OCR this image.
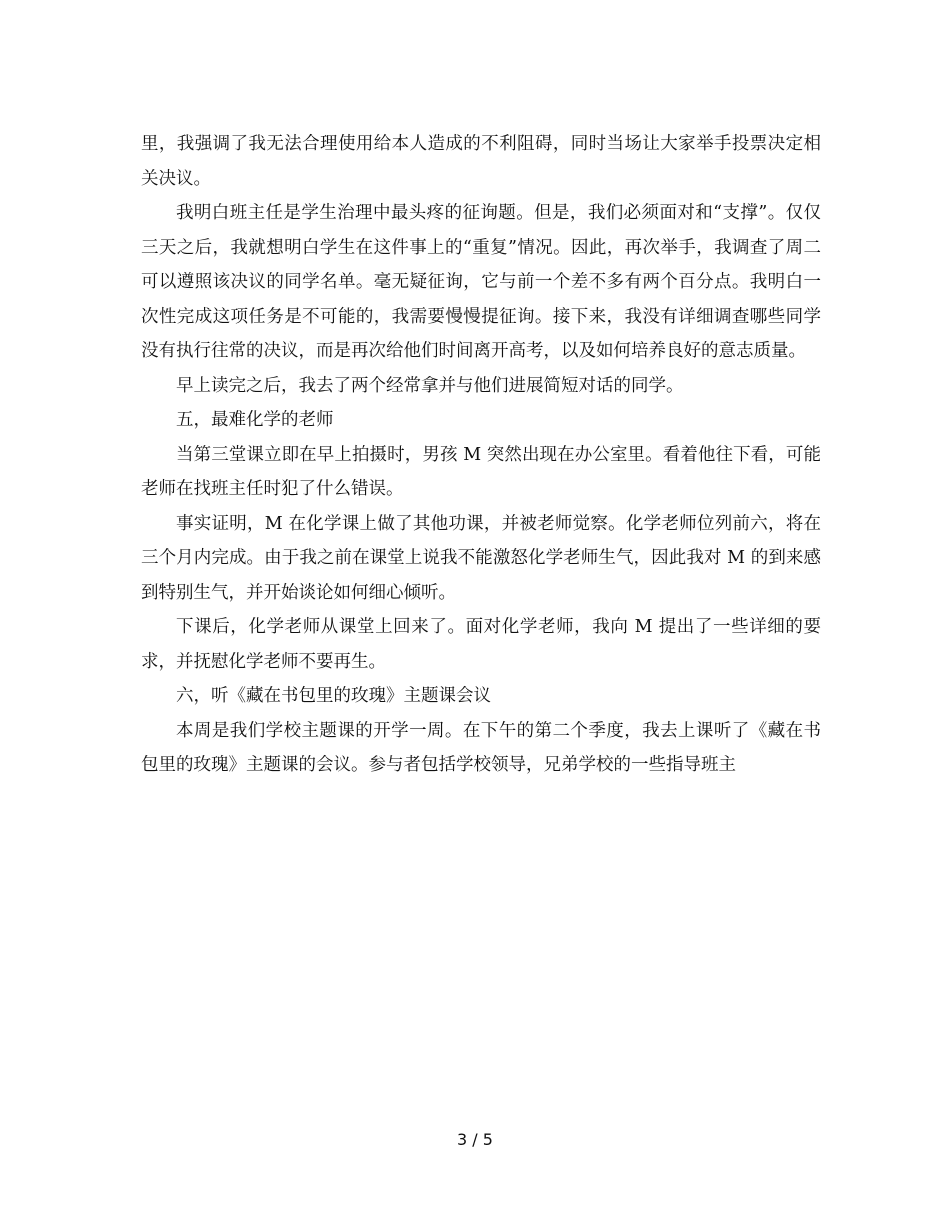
里，我强调了我无法合理使用给本人造成的不利阻碍，同时当场让大家举手投票决定相关决议。

我明白班主任是学生治理中最头疼的征询题。但是，我们必须面对和“支撑”。仅仅三天之后，我就想明白学生在这件事上的“重复”情况。因此，再次举手，我调查了周二可以遵照该决议的同学名单。毫无疑征询，它与前一个差不多有两个百分点。我明白一次性完成这项任务是不可能的，我需要慢慢提征询。接下来，我没有详细调查哪些同学没有执行往常的决议，而是再次给他们时间离开高考，以及如何培养良好的意志质量。

早上读完之后，我去了两个经常拿并与他们进展简短对话的同学。

五，最难化学的老师

当第三堂课立即在早上拍摄时，男孩 M 突然出现在办公室里。看着他往下看，可能老师在找班主任时犯了什么错误。

事实证明，M 在化学课上做了其他功课，并被老师觉察。化学老师位列前六，将在三个月内完成。由于我之前在课堂上说我不能激怒化学老师生气，因此我对 M 的到来感到特别生气，并开始谈论如何细心倾听。

下课后，化学老师从课堂上回来了。面对化学老师，我向 M 提出了一些详细的要求，并抚慰化学老师不要再生。

六，听《藏在书包里的玫瑰》主题课会议

本周是我们学校主题课的开学一周。在下午的第二个季度，我去上课听了《藏在书包里的玫瑰》主题课的会议。参与者包括学校领导，兄弟学校的一些指导班主

3 / 5
